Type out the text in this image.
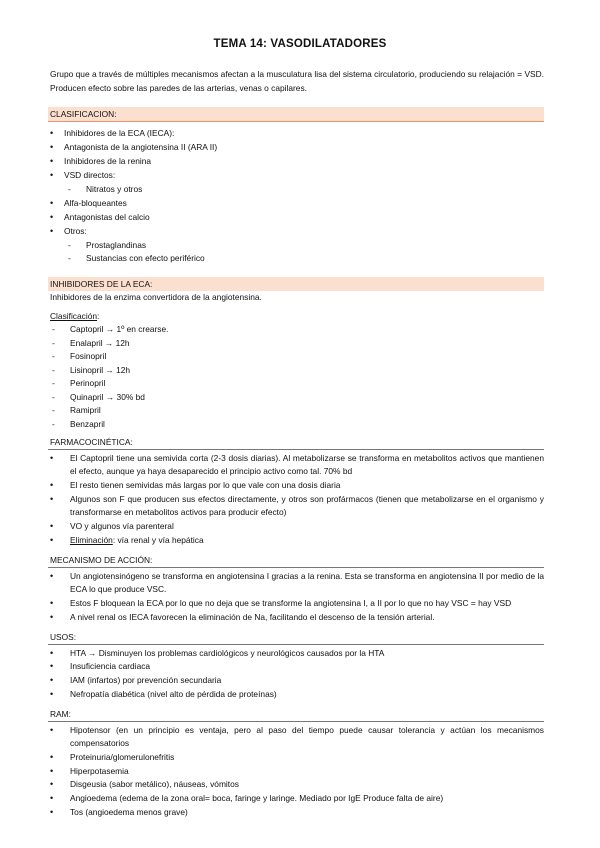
TEMA 14: VASODILATADORES
Grupo que a través de múltiples mecanismos afectan a la musculatura lisa del sistema circulatorio, produciendo su relajación = VSD. Producen efecto sobre las paredes de las arterias, venas o capilares.
CLASIFICACION:
• Inhibidores de la ECA (IECA):
• Antagonista de la angiotensina II (ARA II)
• Inhibidores de la renina
• VSD directos:
- Nitratos y otros
• Alfa-bloqueantes
• Antagonistas del calcio
• Otros:
- Prostaglandinas
- Sustancias con efecto periférico
INHIBIDORES DE LA ECA:
Inhibidores de la enzima convertidora de la angiotensina.
Clasificación:
- Captopril → 1º en crearse.
- Enalapril → 12h
- Fosinopril
- Lisinopril → 12h
- Perinopril
- Quinapril → 30% bd
- Ramipril
- Benzapril
FARMACOCINÉTICA:
• El Captopril tiene una semivida corta (2-3 dosis diarias). Al metabolizarse se transforma en metabolitos activos que mantienen el efecto, aunque ya haya desaparecido el principio activo como tal. 70% bd
• El resto tienen semividas más largas por lo que vale con una dosis diaria
• Algunos son F que producen sus efectos directamente, y otros son profármacos (tienen que metabolizarse en el organismo y transformarse en metabolitos activos para producir efecto)
• VO y algunos vía parenteral
• Eliminación: vía renal y vía hepática
MECANISMO DE ACCIÓN:
• Un angiotensinógeno se transforma en angiotensina I gracias a la renina. Esta se transforma en angiotensina II por medio de la ECA lo que produce VSC.
• Estos F bloquean la ECA por lo que no deja que se transforme la angiotensina I, a II por lo que no hay VSC = hay VSD
• A nivel renal os IECA favorecen la eliminación de Na, facilitando el descenso de la tensión arterial.
USOS:
• HTA → Disminuyen los problemas cardiológicos y neurológicos causados por la HTA
• Insuficiencia cardiaca
• IAM (infartos) por prevención secundaria
• Nefropatía diabética (nivel alto de pérdida de proteínas)
RAM:
• Hipotensor (en un principio es ventaja, pero al paso del tiempo puede causar tolerancia y actúan los mecanismos compensatorios
• Proteinuria/glomerulonefritis
• Hiperpotasemia
• Disgeusia (sabor metálico), náuseas, vómitos
• Angioedema (edema de la zona oral= boca, faringe y laringe. Mediado por IgE Produce falta de aire)
• Tos (angioedema menos grave)
